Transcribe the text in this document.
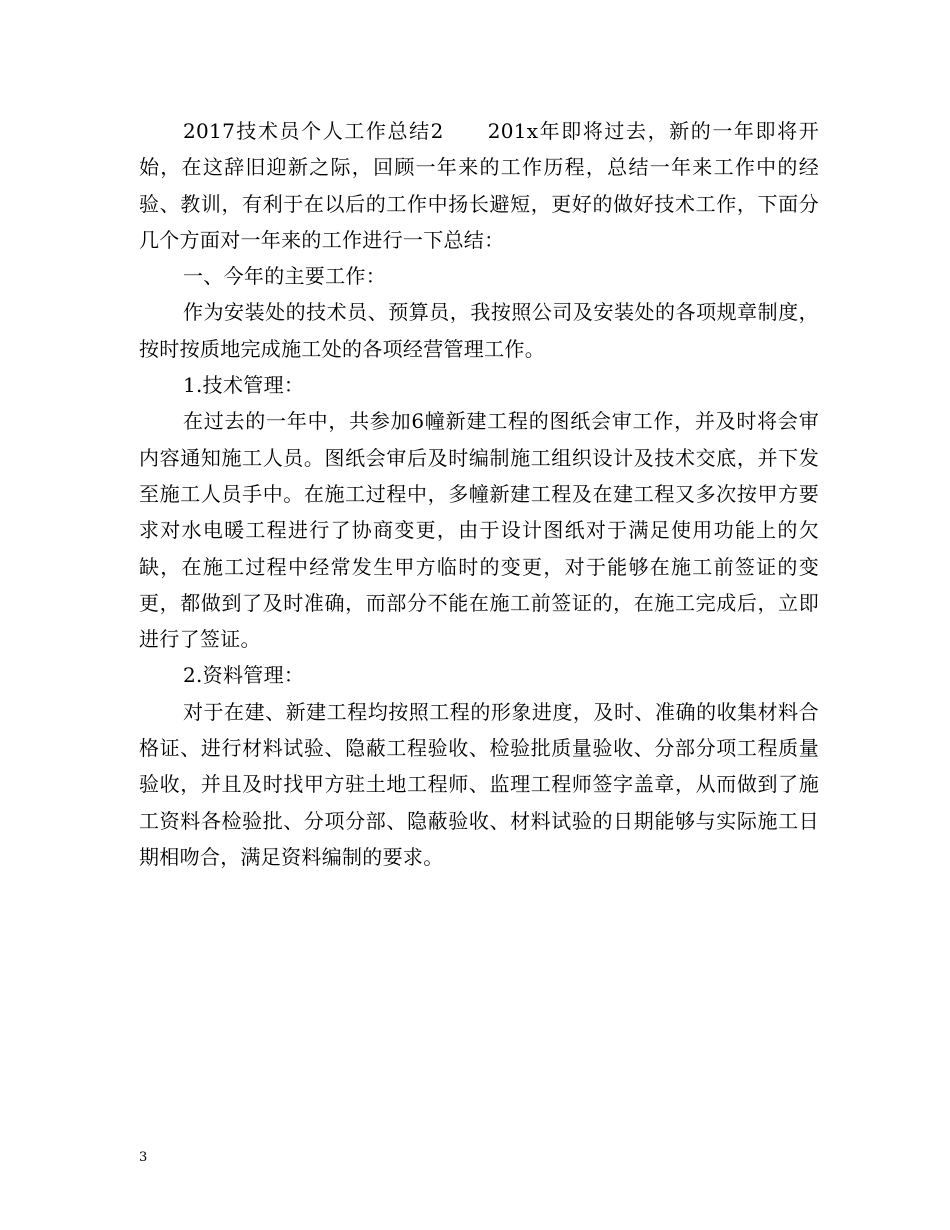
2017技术员个人工作总结2 201x年即将过去，新的一年即将开始，在这辞旧迎新之际，回顾一年来的工作历程，总结一年来工作中的经验、教训，有利于在以后的工作中扬长避短，更好的做好技术工作，下面分几个方面对一年来的工作进行一下总结：

一、今年的主要工作：

作为安装处的技术员、预算员，我按照公司及安装处的各项规章制度，按时按质地完成施工处的各项经营管理工作。

1.技术管理：

在过去的一年中，共参加6幢新建工程的图纸会审工作，并及时将会审内容通知施工人员。图纸会审后及时编制施工组织设计及技术交底，并下发至施工人员手中。在施工过程中，多幢新建工程及在建工程又多次按甲方要求对水电暖工程进行了协商变更，由于设计图纸对于满足使用功能上的欠缺，在施工过程中经常发生甲方临时的变更，对于能够在施工前签证的变更，都做到了及时准确，而部分不能在施工前签证的，在施工完成后，立即进行了签证。

2.资料管理：

对于在建、新建工程均按照工程的形象进度，及时、准确的收集材料合格证、进行材料试验、隐蔽工程验收、检验批质量验收、分部分项工程质量验收，并且及时找甲方驻土地工程师、监理工程师签字盖章，从而做到了施工资料各检验批、分项分部、隐蔽验收、材料试验的日期能够与实际施工日期相吻合，满足资料编制的要求。

3
